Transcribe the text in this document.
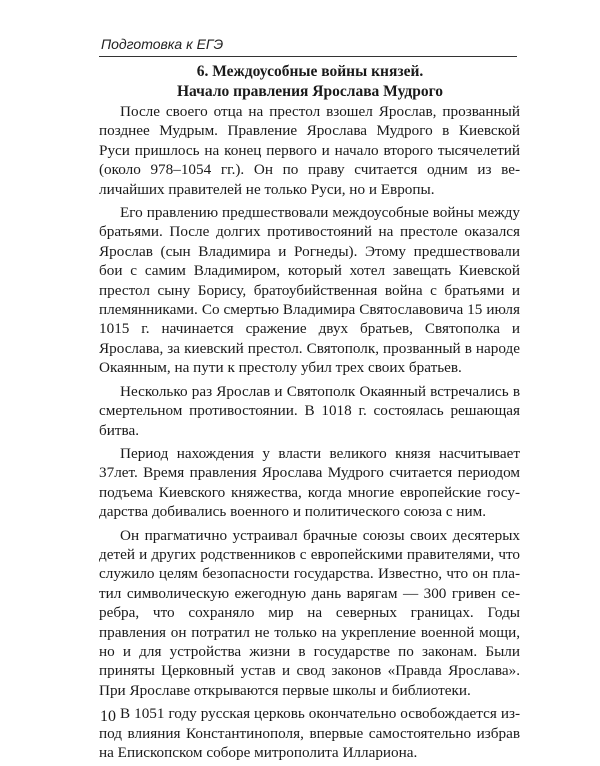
Подготовка к ЕГЭ
6. Междоусобные войны князей.
Начало правления Ярослава Мудрого

После своего отца на престол взошел Ярослав, прозванный позднее Мудрым. Правление Ярослава Мудрого в Киевской Руси пришлось на конец первого и начало второго тысячелетий (около 978–1054 гг.). Он по праву считается одним из величайших правителей не только Руси, но и Европы.

Его правлению предшествовали междоусобные войны между братьями. После долгих противостояний на престоле оказался Ярослав (сын Владимира и Рогнеды). Этому предшествовали бои с самим Владимиром, который хотел завещать Киевской престол сыну Борису, братоубийственная война с братьями и племянниками. Со смертью Владимира Святославовича 15 июля 1015 г. начинается сражение двух братьев, Святополка и Ярослава, за киевский престол. Святополк, прозванный в народе Окаянным, на пути к престолу убил трех своих братьев.

Несколько раз Ярослав и Святополк Окаянный встречались в смертельном противостоянии. В 1018 г. состоялась решающая битва.

Период нахождения у власти великого князя насчитывает 37лет. Время правления Ярослава Мудрого считается периодом подъема Киевского княжества, когда многие европейские государства добивались военного и политического союза с ним.

Он прагматично устраивал брачные союзы своих десятерых детей и других родственников с европейскими правителями, что служило целям безопасности государства. Известно, что он платил символическую ежегодную дань варягам — 300 гривен серебра, что сохраняло мир на северных границах. Годы правления он потратил не только на укрепление военной мощи, но и для устройства жизни в государстве по законам. Были приняты Церковный устав и свод законов «Правда Ярослава». При Ярославе открываются первые школы и библиотеки.

В 1051 году русская церковь окончательно освобождается из-под влияния Константинополя, впервые самостоятельно избрав на Епископском соборе митрополита Иллариона.

10
